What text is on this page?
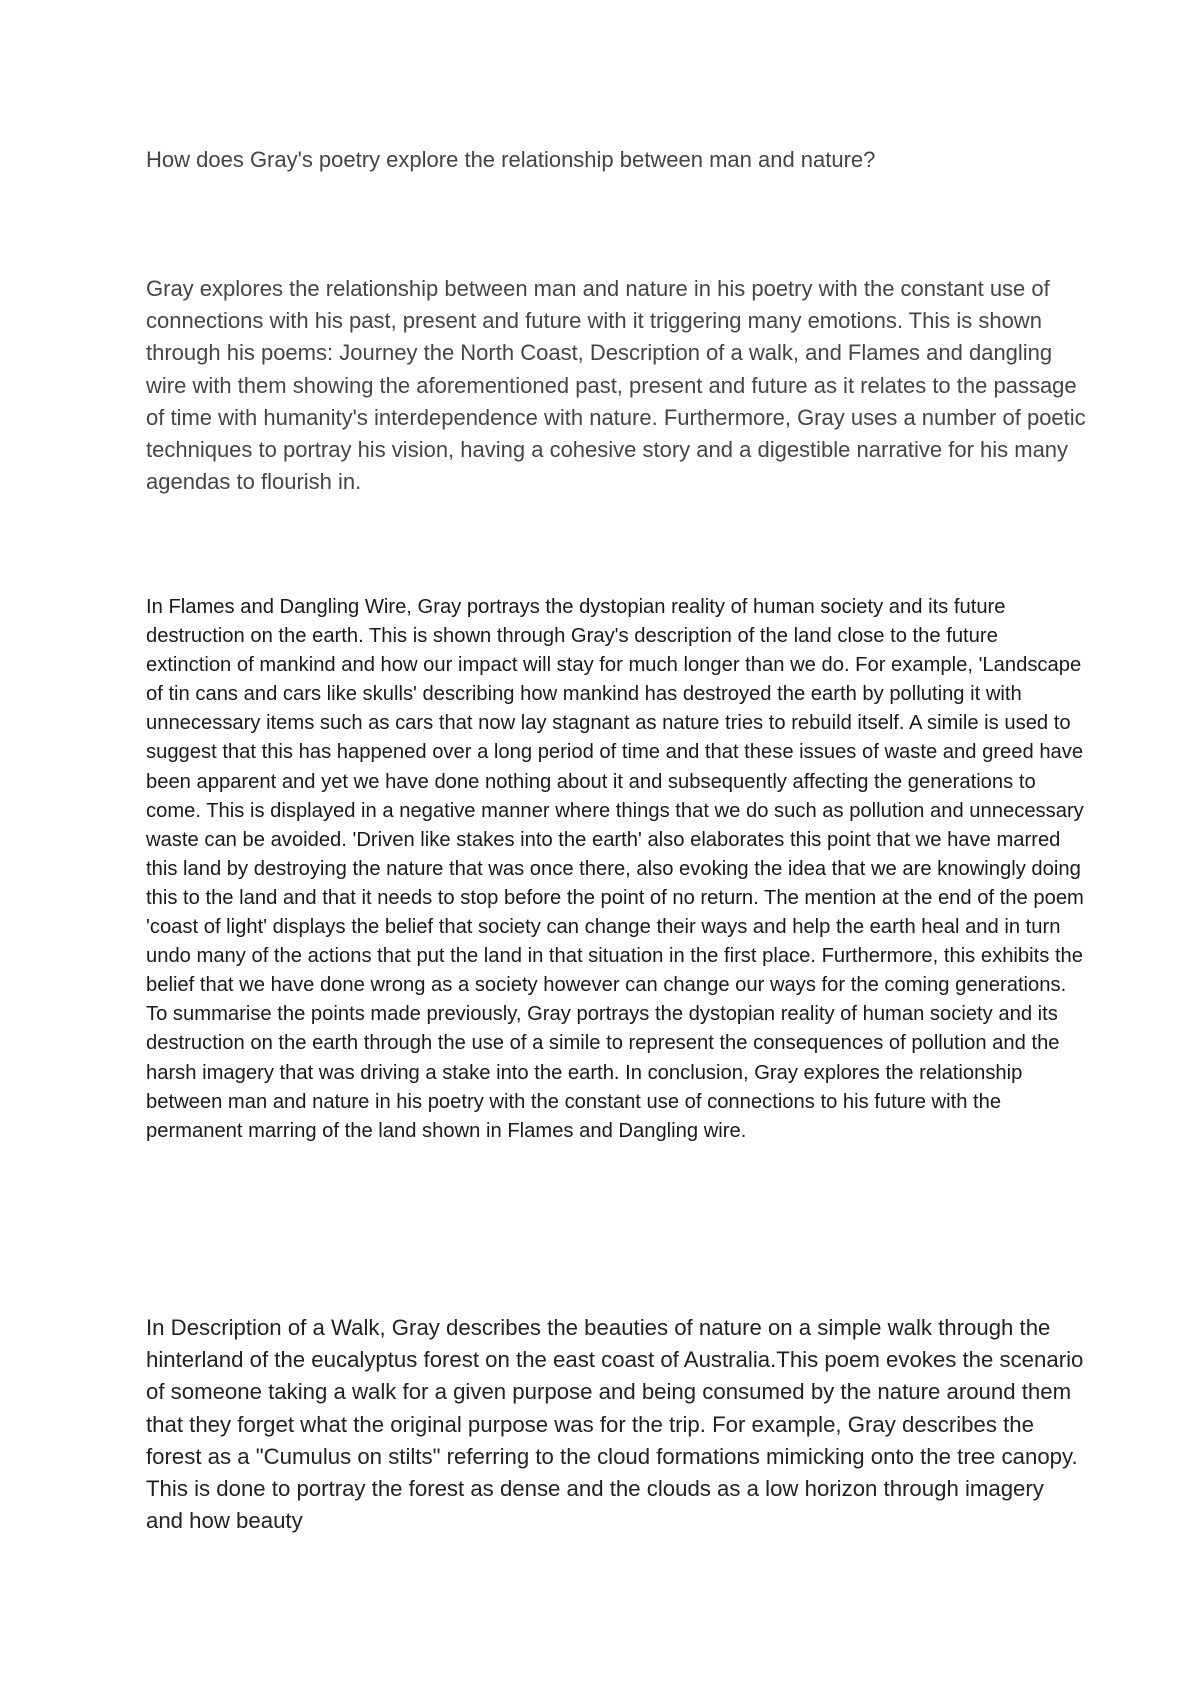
How does Gray's poetry explore the relationship between man and nature?

Gray explores the relationship between man and nature in his poetry with the constant use of connections with his past, present and future with it triggering many emotions. This is shown through his poems: Journey the North Coast, Description of a walk, and Flames and dangling wire with them showing the aforementioned past, present and future as it relates to the passage of time with humanity's interdependence with nature. Furthermore, Gray uses a number of poetic techniques to portray his vision, having a cohesive story and a digestible narrative for his many agendas to flourish in.

In Flames and Dangling Wire, Gray portrays the dystopian reality of human society and its future destruction on the earth. This is shown through Gray's description of the land close to the future extinction of mankind and how our impact will stay for much longer than we do. For example, 'Landscape of tin cans and cars like skulls' describing how mankind has destroyed the earth by polluting it with unnecessary items such as cars that now lay stagnant as nature tries to rebuild itself. A simile is used to suggest that this has happened over a long period of time and that these issues of waste and greed have been apparent and yet we have done nothing about it and subsequently affecting the generations to come. This is displayed in a negative manner where things that we do such as pollution and unnecessary waste can be avoided. 'Driven like stakes into the earth' also elaborates this point that we have marred this land by destroying the nature that was once there, also evoking the idea that we are knowingly doing this to the land and that it needs to stop before the point of no return. The mention at the end of the poem 'coast of light' displays the belief that society can change their ways and help the earth heal and in turn undo many of the actions that put the land in that situation in the first place. Furthermore, this exhibits the belief that we have done wrong as a society however can change our ways for the coming generations. To summarise the points made previously, Gray portrays the dystopian reality of human society and its destruction on the earth through the use of a simile to represent the consequences of pollution and the harsh imagery that was driving a stake into the earth. In conclusion, Gray explores the relationship between man and nature in his poetry with the constant use of connections to his future with the permanent marring of the land shown in Flames and Dangling wire.

In Description of a Walk, Gray describes the beauties of nature on a simple walk through the hinterland of the eucalyptus forest on the east coast of Australia.This poem evokes the scenario of someone taking a walk for a given purpose and being consumed by the nature around them that they forget what the original purpose was for the trip. For example, Gray describes the forest as a "Cumulus on stilts" referring to the cloud formations mimicking onto the tree canopy. This is done to portray the forest as dense and the clouds as a low horizon through imagery and how beauty
